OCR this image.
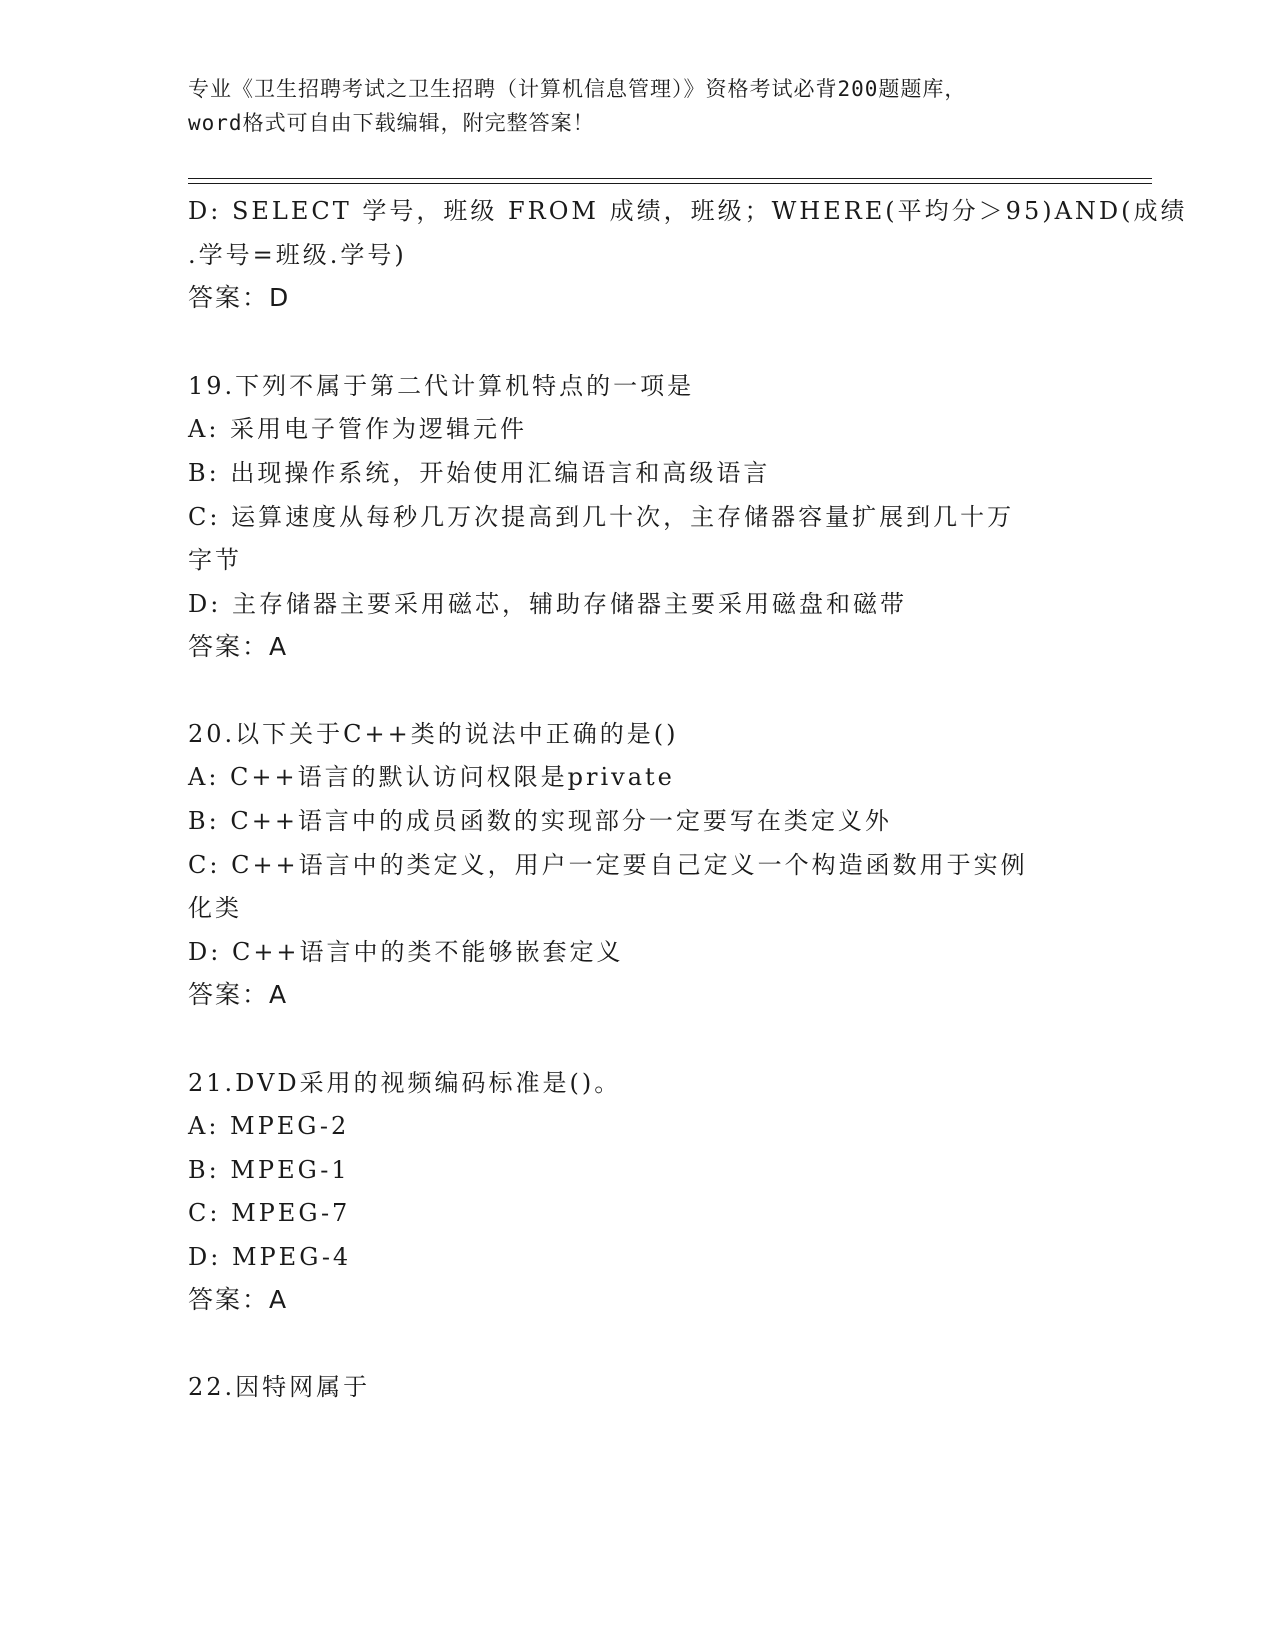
专业《卫生招聘考试之卫生招聘（计算机信息管理）》资格考试必背200题题库，
word格式可自由下载编辑，附完整答案！
D: SELECT 学号，班级 FROM 成绩，班级；WHERE(平均分＞95)AND(成绩
.学号=班级.学号)
答案：D
19.下列不属于第二代计算机特点的一项是
A: 采用电子管作为逻辑元件
B: 出现操作系统，开始使用汇编语言和高级语言
C: 运算速度从每秒几万次提高到几十次，主存储器容量扩展到几十万
字节
D: 主存储器主要采用磁芯，辅助存储器主要采用磁盘和磁带
答案：A
20.以下关于C++类的说法中正确的是()
A: C++语言的默认访问权限是private
B: C++语言中的成员函数的实现部分一定要写在类定义外
C: C++语言中的类定义，用户一定要自己定义一个构造函数用于实例
化类
D: C++语言中的类不能够嵌套定义
答案：A
21.DVD采用的视频编码标准是()。
A: MPEG-2
B: MPEG-1
C: MPEG-7
D: MPEG-4
答案：A
22.因特网属于
